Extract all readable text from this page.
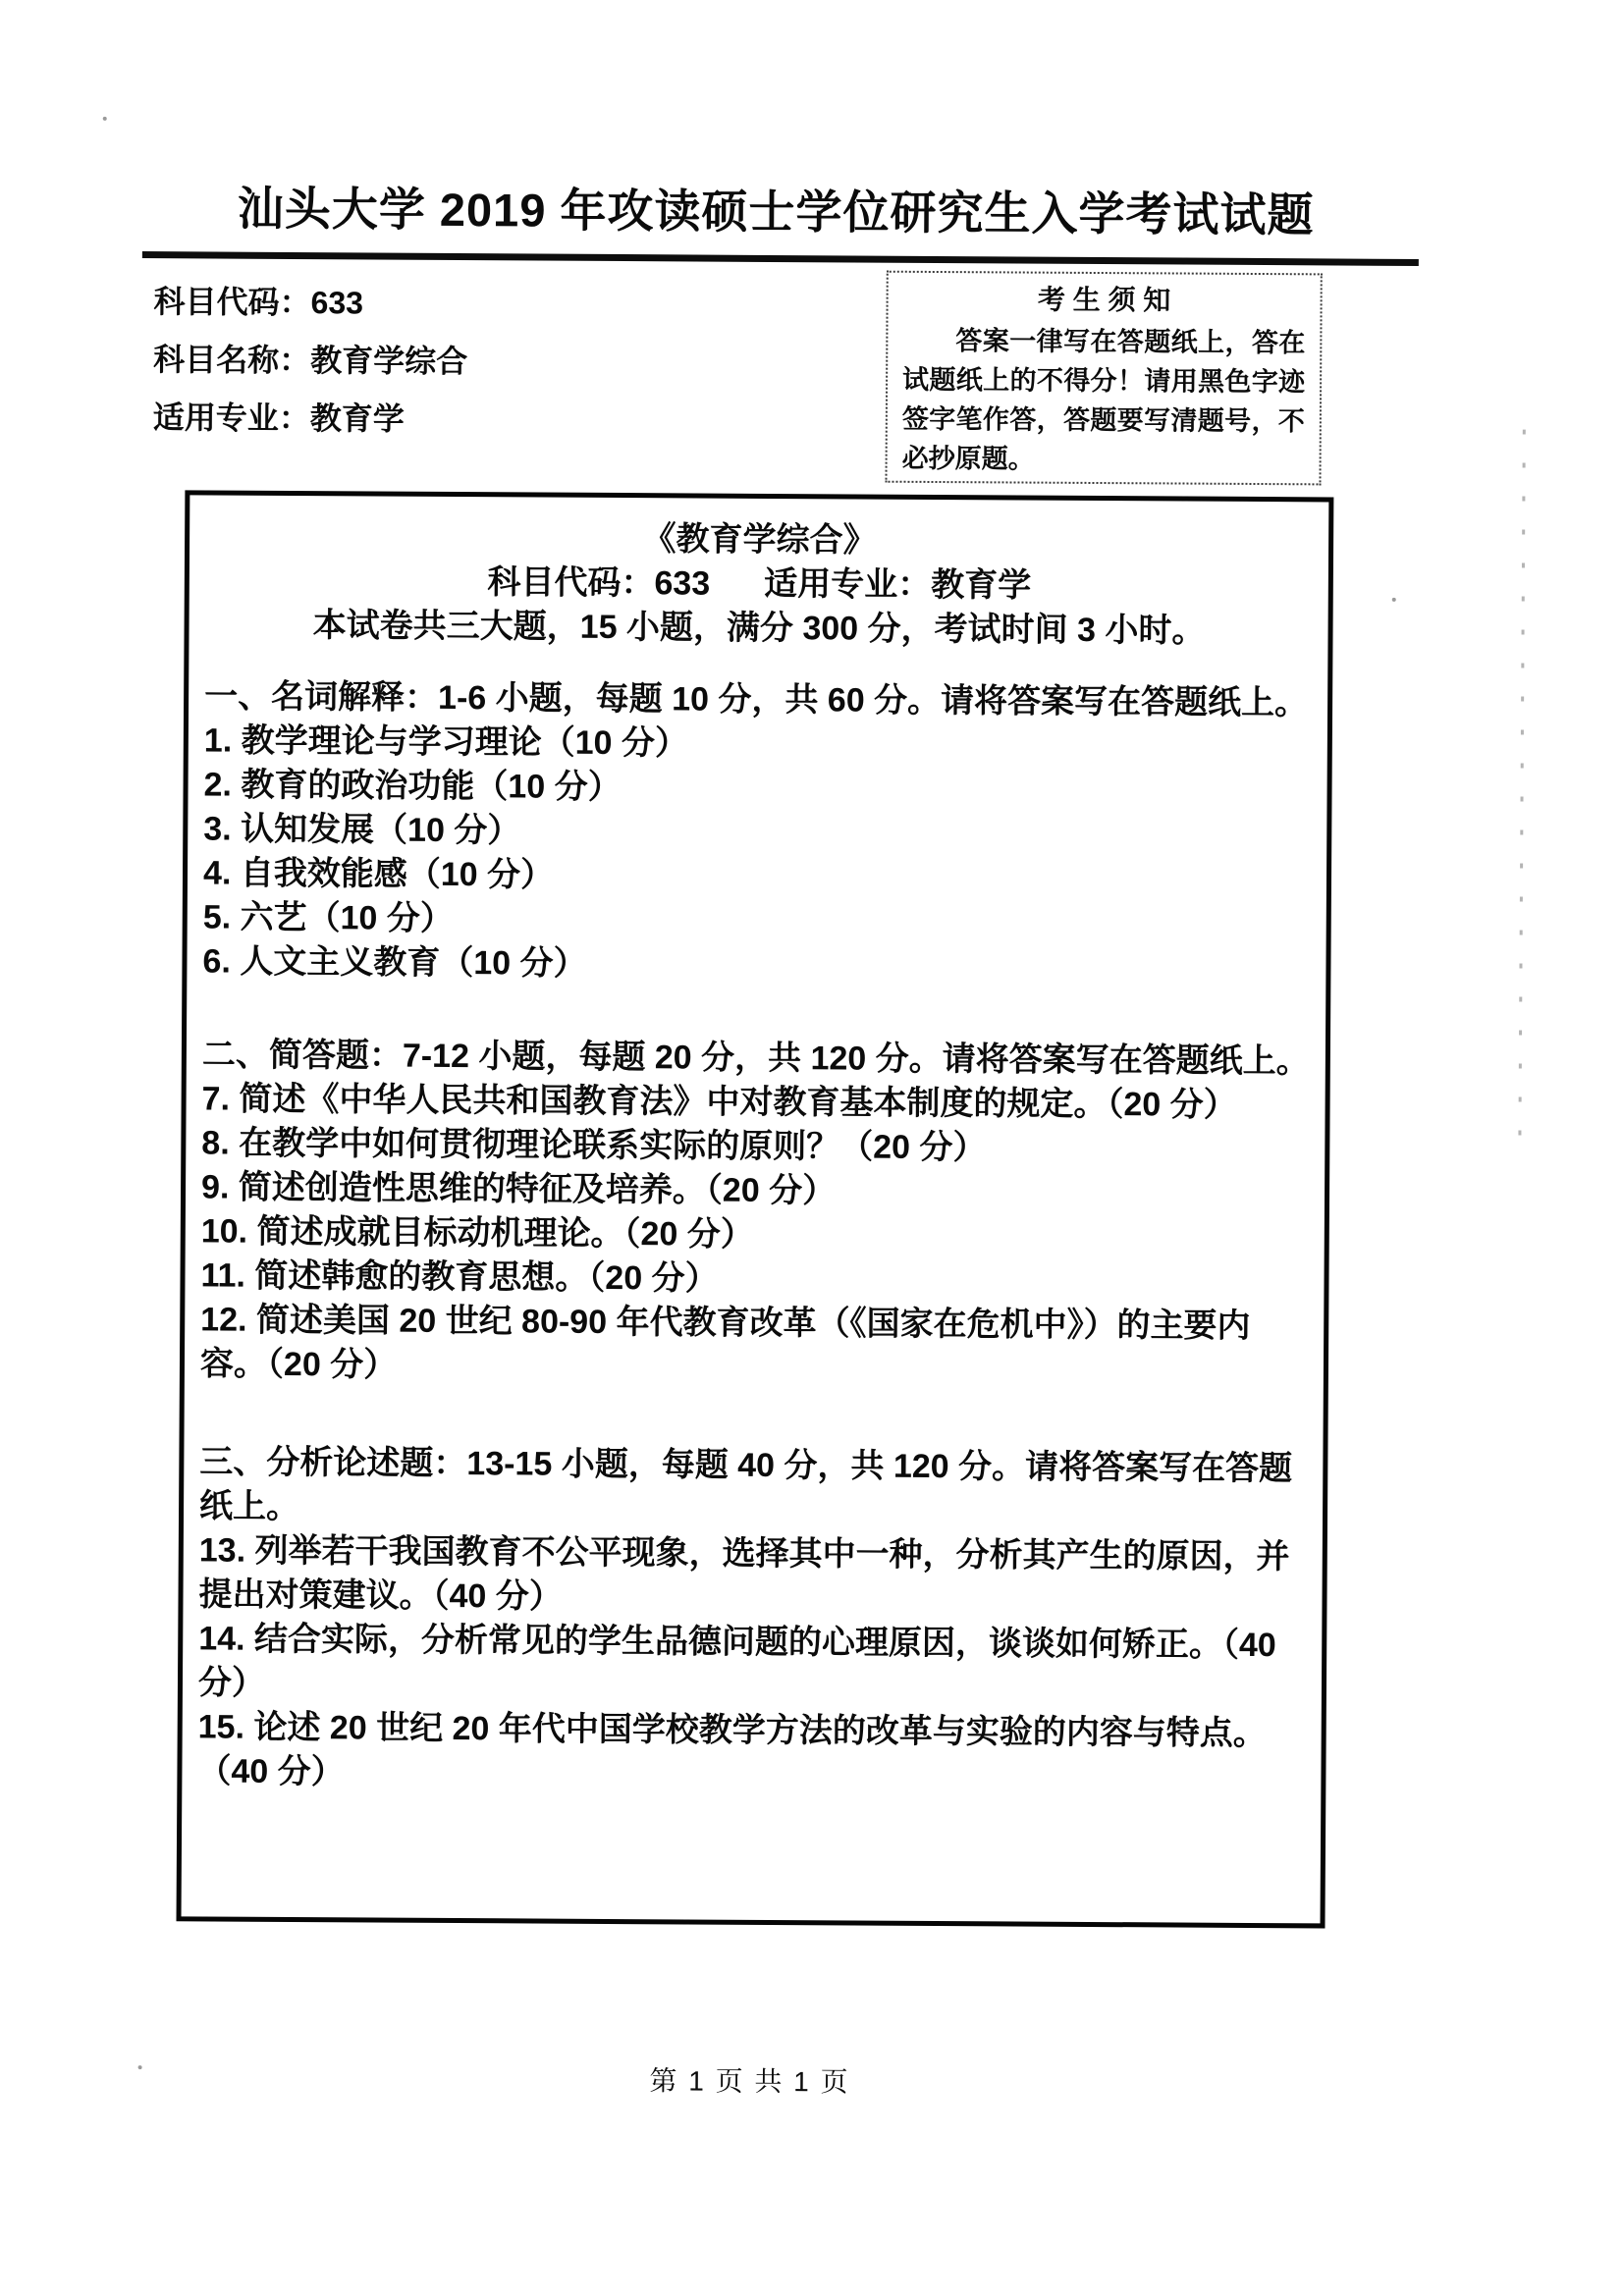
汕头大学 2019 年攻读硕士学位研究生入学考试试题
科目代码：633
科目名称：教育学综合
适用专业：教育学
考 生 须 知

答案一律写在答题纸上，答在试题纸上的不得分！请用黑色字迹签字笔作答，答题要写清题号，不必抄原题。

《教育学综合》
科目代码：633 适用专业：教育学
本试卷共三大题，15 小题，满分 300 分，考试时间 3 小时。
一、名词解释：1-6 小题，每题 10 分，共 60 分。请将答案写在答题纸上。
1. 教学理论与学习理论（10 分）
2. 教育的政治功能（10 分）
3. 认知发展（10 分）
4. 自我效能感（10 分）
5. 六艺（10 分）
6. 人文主义教育（10 分）
二、简答题：7-12 小题，每题 20 分，共 120 分。请将答案写在答题纸上。
7. 简述《中华人民共和国教育法》中对教育基本制度的规定。（20 分）
8. 在教学中如何贯彻理论联系实际的原则？（20 分）
9. 简述创造性思维的特征及培养。（20 分）
10. 简述成就目标动机理论。（20 分）
11. 简述韩愈的教育思想。（20 分）
12. 简述美国 20 世纪 80-90 年代教育改革（《国家在危机中》）的主要内容。（20 分）
三、分析论述题：13-15 小题，每题 40 分，共 120 分。请将答案写在答题纸上。
13. 列举若干我国教育不公平现象，选择其中一种，分析其产生的原因，并提出对策建议。（40 分）
14. 结合实际，分析常见的学生品德问题的心理原因，谈谈如何矫正。（40 分）
15. 论述 20 世纪 20 年代中国学校教学方法的改革与实验的内容与特点。（40 分）
第 1 页 共 1 页
